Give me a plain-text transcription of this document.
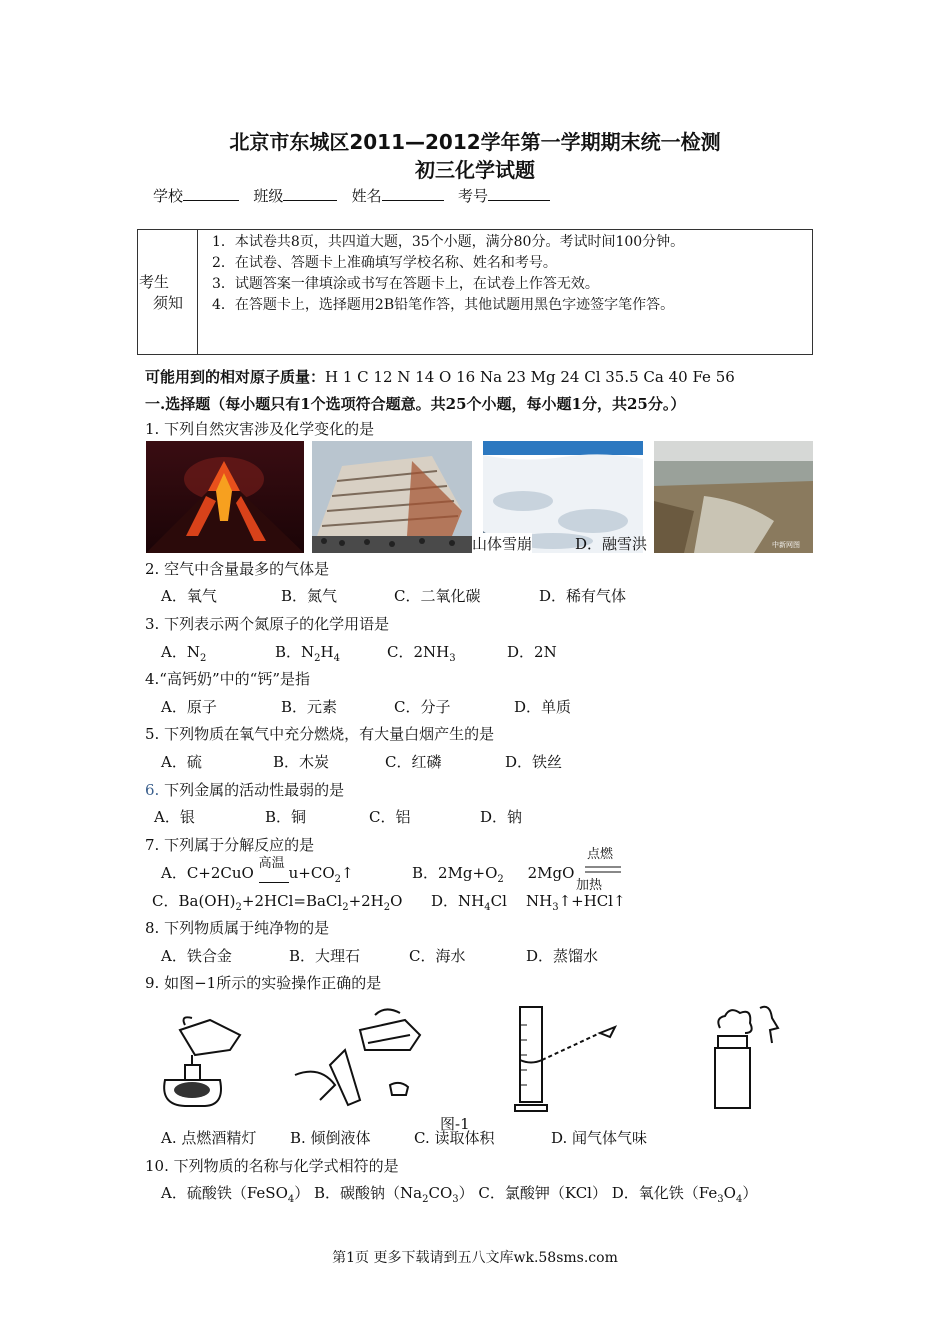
北京市东城区2011—2012学年第一学期期末统一检测
初三化学试题
学校	班级	姓名	考号
考生
须知

1．本试卷共8页，共四道大题，35个小题，满分80分。考试时间100分钟。
2．在试卷、答题卡上准确填写学校名称、姓名和考号。
3．试题答案一律填涂或书写在答题卡上，在试卷上作答无效。
4．在答题卡上，选择题用2B铅笔作答，其他试题用黑色字迹签字笔作答。
可能用到的相对原子质量：H 1 C 12 N 14 O 16 Na 23 Mg 24 Cl 35.5 Ca 40 Fe 56
一.选择题（每小题只有1个选项符合题意。共25个小题，每小题1分，共25分。）
1. 下列自然灾害涉及化学变化的是
山体雪崩	D．融雪洪	中新网图
2. 空气中含量最多的气体是
A．氧气	B．氮气	C．二氧化碳	D．稀有气体
3. 下列表示两个氮原子的化学用语是
A．$N_2$	B．$N_2H_4$	C．$2NH_3$	D．2N
4.“高钙奶”中的“钙”是指
A．原子	B．元素	C．分子	D．单质
5. 下列物质在氧气中充分燃烧，有大量白烟产生的是
A．硫	B．木炭	C．红磷	D．铁丝
6. 下列金属的活动性最弱的是
A．银	B．铜	C．铝	D．钠
7. 下列属于分解反应的是
A．C+2CuO
高温
$u+CO_2↑$	B．$2Mg+O_2$ 2MgO
点燃
C．$Ba(OH)_2+2HCl=BaCl_2+2H_2O$
加热
D．$NH_4Cl$ $NH_3↑+HCl↑$
8. 下列物质属于纯净物的是
A．铁合金	B．大理石	C．海水	D．蒸馏水
9. 如图−1所示的实验操作正确的是
图-1
A. 点燃酒精灯 B. 倾倒液体	C. 读取体积	D. 闻气体气味
10. 下列物质的名称与化学式相符的是
A．硫酸铁（FeSO$_4$） B．碳酸钠$(Na_2CO_3)$ C．氯酸钾（KCl） D．氧化铁$(Fe_3O_4)$
第1页 更多下载请到五八文库wk.58sms.com
